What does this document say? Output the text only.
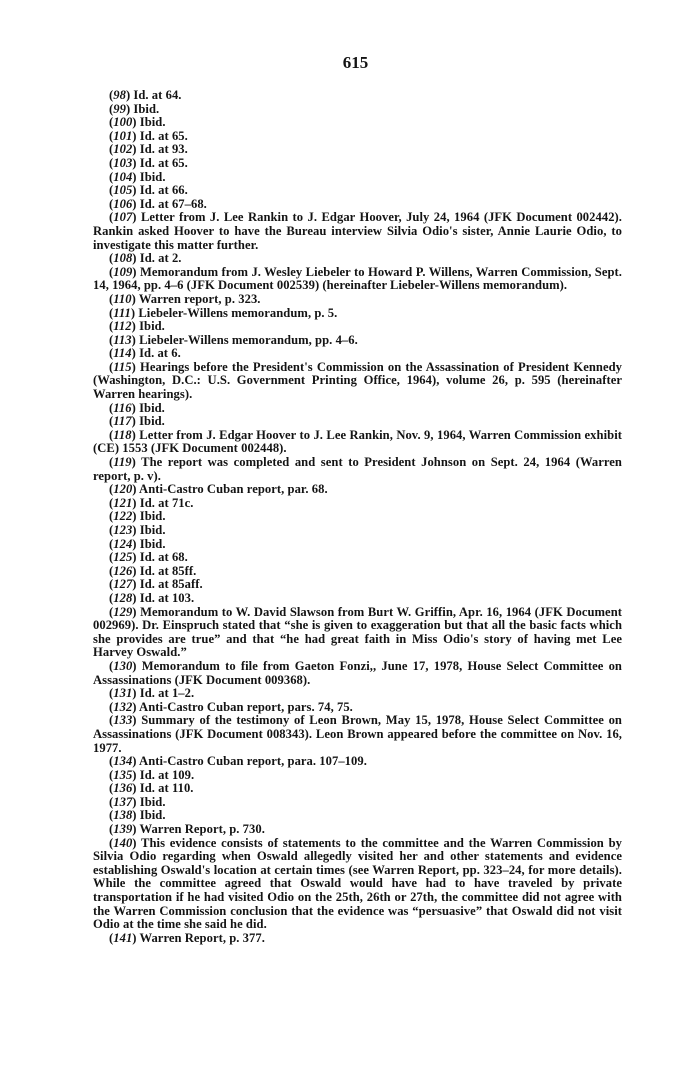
615

( 98 ) Id. at 64.

( 99 ) Ibid.

( 100 ) Ibid.

( 101 ) Id. at 65.

( 102 ) Id. at 93.

( 103 ) Id. at 65.

( 104 ) Ibid.

( 105 ) Id. at 66.

( 106 ) Id. at 67–68.

( 107 ) Letter from J. Lee Rankin to J. Edgar Hoover, July 24, 1964 (JFK Document 002442). Rankin asked Hoover to have the Bureau interview Silvia Odio's sister, Annie Laurie Odio, to investigate this matter further.

( 108 ) Id. at 2.

( 109 ) Memorandum from J. Wesley Liebeler to Howard P. Willens, Warren Commission, Sept. 14, 1964, pp. 4–6 (JFK Document 002539) (hereinafter Liebeler-Willens memorandum).

( 110 ) Warren report, p. 323.

( 111 ) Liebeler-Willens memorandum, p. 5.

( 112 ) Ibid.

( 113 ) Liebeler-Willens memorandum, pp. 4–6.

( 114 ) Id. at 6.

( 115 ) Hearings before the President's Commission on the Assassination of President Kennedy (Washington, D.C.: U.S. Government Printing Office, 1964), volume 26, p. 595 (hereinafter Warren hearings).

( 116 ) Ibid.

( 117 ) Ibid.

( 118 ) Letter from J. Edgar Hoover to J. Lee Rankin, Nov. 9, 1964, Warren Commission exhibit (CE) 1553 (JFK Document 002448).

( 119 ) The report was completed and sent to President Johnson on Sept. 24, 1964 (Warren report, p. v).

( 120 ) Anti-Castro Cuban report, par. 68.

( 121 ) Id. at 71c.

( 122 ) Ibid.

( 123 ) Ibid.

( 124 ) Ibid.

( 125 ) Id. at 68.

( 126 ) Id. at 85ff.

( 127 ) Id. at 85aff.

( 128 ) Id. at 103.

( 129 ) Memorandum to W. David Slawson from Burt W. Griffin, Apr. 16, 1964 (JFK Document 002969). Dr. Einspruch stated that “she is given to exaggeration but that all the basic facts which she provides are true” and that “he had great faith in Miss Odio's story of having met Lee Harvey Oswald.”

( 130 ) Memorandum to file from Gaeton Fonzi,, June 17, 1978, House Select Committee on Assassinations (JFK Document 009368).

( 131 ) Id. at 1–2.

( 132 ) Anti-Castro Cuban report, pars. 74, 75.

( 133 ) Summary of the testimony of Leon Brown, May 15, 1978, House Select Committee on Assassinations (JFK Document 008343). Leon Brown appeared before the committee on Nov. 16, 1977.

( 134 ) Anti-Castro Cuban report, para. 107–109.

( 135 ) Id. at 109.

( 136 ) Id. at 110.

( 137 ) Ibid.

( 138 ) Ibid.

( 139 ) Warren Report, p. 730.

( 140 ) This evidence consists of statements to the committee and the Warren Commission by Silvia Odio regarding when Oswald allegedly visited her and other statements and evidence establishing Oswald's location at certain times (see Warren Report, pp. 323–24, for more details). While the committee agreed that Oswald would have had to have traveled by private transportation if he had visited Odio on the 25th, 26th or 27th, the committee did not agree with the Warren Commission conclusion that the evidence was “persuasive” that Oswald did not visit Odio at the time she said he did.

( 141 ) Warren Report, p. 377.
